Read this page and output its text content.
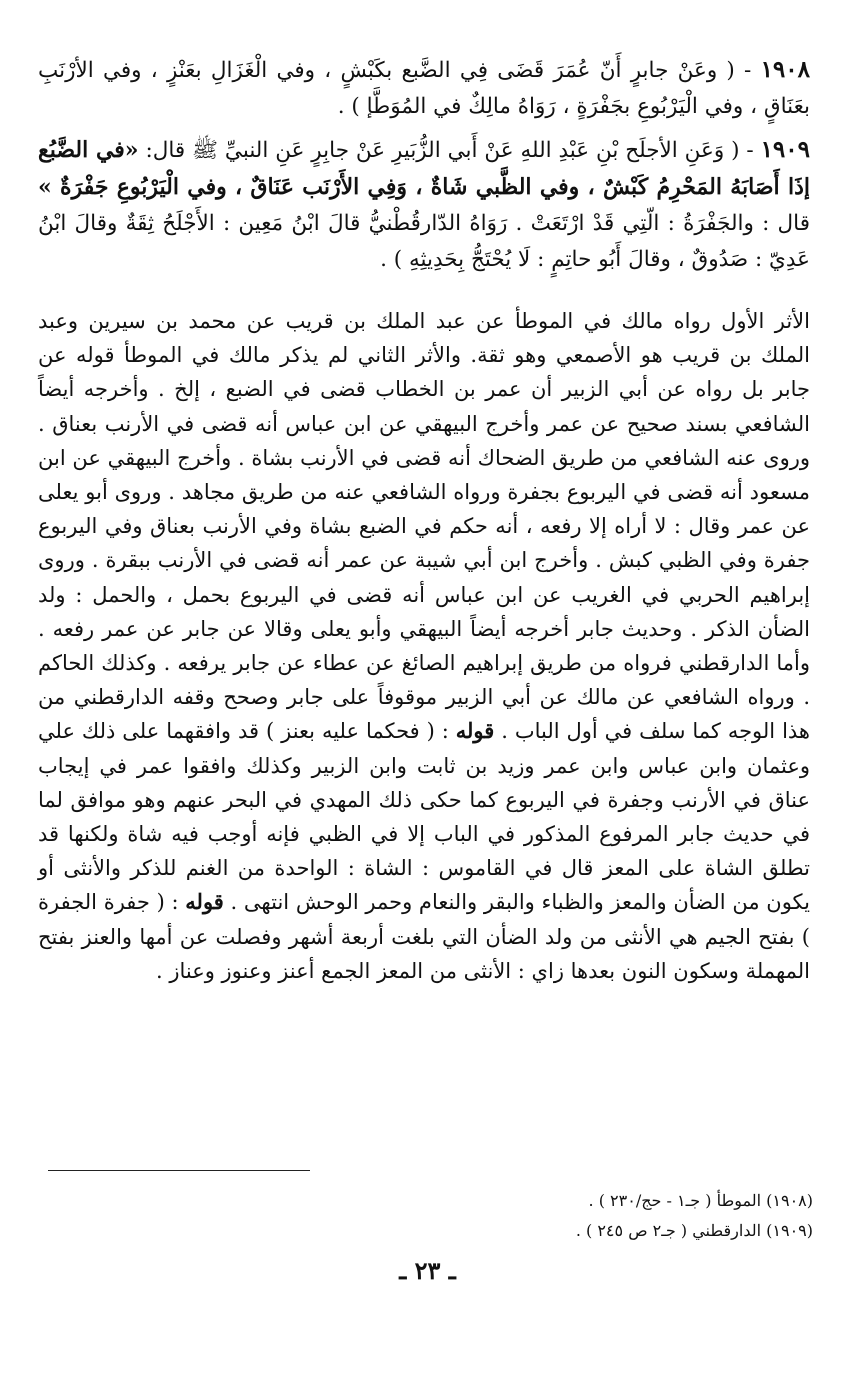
١٩٠٨ - ( وعَنْ جابرٍ أَنّ عُمَرَ قَضَى فِي الضَّبع بكَبْشٍ ، وفي الْغَزَالِ بعَنْزٍ ، وفي الأرْنَبِ بعَنَاقٍ ، وفي الْيَرْبُوعِ بجَفْرَةٍ ، رَوَاهُ مالِكٌ في المُوَطَّإ ) .

١٩٠٩ - ( وَعَنِ الأجلَح بْنِ عَبْدِ اللهِ عَنْ أَبي الزُّبَيرِ عَنْ جابِرٍ عَنِ النبيِّ ﷺ قال: «في الضَّبُع إذَا أَصَابَهُ المَحْرِمُ كَبْشٌ ، وفي الظَّبي شَاةٌ ، وَفِي الأَرْنَب عَنَاقٌ ، وفي الْيَرْبُوعِ جَفْرَةٌ » قال : والجَفْرَةُ : الّتِي قَدْ ارْتَعَتْ . رَوَاهُ الدّارقُطْنيُّ قالَ ابْنُ مَعِين : الأَجْلَحُ ثِقَةٌ وقالَ ابْنُ عَدِيّ : صَدُوقٌ ، وقالَ أَبُو حاتِمٍ : لَا يُحْتَجُّ بِحَدِيثِهِ ) .

الأثر الأول رواه مالك في الموطأ عن عبد الملك بن قريب عن محمد بن سيرين وعبد الملك بن قريب هو الأصمعي وهو ثقة. والأثر الثاني لم يذكر مالك في الموطأ قوله عن جابر بل رواه عن أبي الزبير أن عمر بن الخطاب قضى في الضبع ، إلخ . وأخرجه أيضاً الشافعي بسند صحيح عن عمر وأخرج البيهقي عن ابن عباس أنه قضى في الأرنب بعناق . وروى عنه الشافعي من طريق الضحاك أنه قضى في الأرنب بشاة . وأخرج البيهقي عن ابن مسعود أنه قضى في اليربوع بجفرة ورواه الشافعي عنه من طريق مجاهد . وروى أبو يعلى عن عمر وقال : لا أراه إلا رفعه ، أنه حكم في الضبع بشاة وفي الأرنب بعناق وفي اليربوع جفرة وفي الظبي كبش . وأخرج ابن أبي شيبة عن عمر أنه قضى في الأرنب ببقرة . وروى إبراهيم الحربي في الغريب عن ابن عباس أنه قضى في اليربوع بحمل ، والحمل : ولد الضأن الذكر . وحديث جابر أخرجه أيضاً البيهقي وأبو يعلى وقالا عن جابر عن عمر رفعه . وأما الدارقطني فرواه من طريق إبراهيم الصائغ عن عطاء عن جابر يرفعه . وكذلك الحاكم . ورواه الشافعي عن مالك عن أبي الزبير موقوفاً على جابر وصحح وقفه الدارقطني من هذا الوجه كما سلف في أول الباب . قوله : ( فحكما عليه بعنز ) قد وافقهما على ذلك علي وعثمان وابن عباس وابن عمر وزيد بن ثابت وابن الزبير وكذلك وافقوا عمر في إيجاب عناق في الأرنب وجفرة في اليربوع كما حكى ذلك المهدي في البحر عنهم وهو موافق لما في حديث جابر المرفوع المذكور في الباب إلا في الظبي فإنه أوجب فيه شاة ولكنها قد تطلق الشاة على المعز قال في القاموس : الشاة : الواحدة من الغنم للذكر والأنثى أو يكون من الضأن والمعز والظباء والبقر والنعام وحمر الوحش انتهى . قوله : ( جفرة الجفرة ) بفتح الجيم هي الأنثى من ولد الضأن التي بلغت أربعة أشهر وفصلت عن أمها والعنز بفتح المهملة وسكون النون بعدها زاي : الأنثى من المعز الجمع أعنز وعنوز وعناز .

(١٩٠٨) الموطأ ( جـ١ - حج/٢٣٠ ) .
(١٩٠٩) الدارقطني ( جـ٢ ص ٢٤٥ ) .
ـ ٢٣ ـ
